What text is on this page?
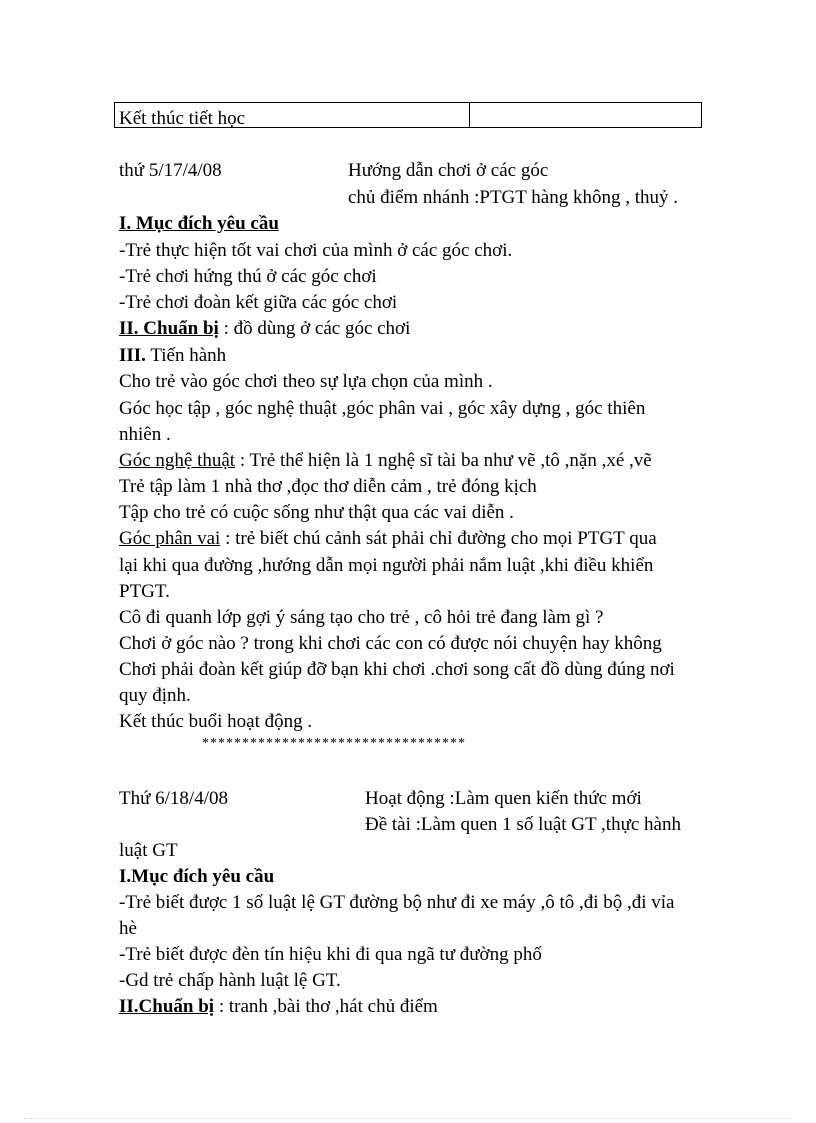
Kết thúc tiết học
thứ 5/17/4/08	Hướng dẫn chơi ở các góc
chủ điểm nhánh :PTGT hàng không , thuỷ .
I. Mục đích yêu cầu
-Trẻ thực hiện tốt vai chơi của mình ở các góc chơi.
-Trẻ chơi hứng thú ở các góc chơi
-Trẻ chơi đoàn kết giữa các góc chơi
II. Chuẩn bị : đồ dùng ở các góc chơi
III. Tiến hành
Cho trẻ vào góc chơi theo sự lựa chọn của mình .
Góc học tập , góc nghệ thuật ,góc phân vai , góc xây dựng , góc thiên
nhiên .
Góc nghệ thuật : Trẻ thể hiện là 1 nghệ sĩ tài ba như vẽ ,tô ,nặn ,xé ,vẽ
Trẻ tập làm 1 nhà thơ ,đọc thơ diễn cảm , trẻ đóng kịch
Tập cho trẻ có cuộc sống như thật qua các vai diễn .
Góc phân vai : trẻ biết chú cảnh sát phải chỉ đường cho mọi PTGT qua
lại khi qua đường ,hướng dẫn mọi người phải nắm luật ,khi điều khiển
PTGT.
Cô đi quanh lớp gợi ý sáng tạo cho trẻ , cô hỏi trẻ đang làm gì ?
Chơi ở góc nào ? trong khi chơi các con có được nói chuyện hay không
Chơi phải đoàn kết giúp đỡ bạn khi chơi .chơi song cất đồ dùng đúng nơi
quy định.
Kết thúc buổi hoạt động .
*********************************
Thứ 6/18/4/08	Hoạt động :Làm quen kiến thức mới
Đề tài :Làm quen 1 số luật GT ,thực hành
luật GT
I.Mục đích yêu cầu
-Trẻ biết được 1 số luật lệ GT đường bộ như đi xe máy ,ô tô ,đi bộ ,đi vỉa
hè
-Trẻ biết được đèn tín hiệu khi đi qua ngã tư đường phố
-Gd trẻ chấp hành luật lệ GT.
II.Chuẩn bị : tranh ,bài thơ ,hát chủ điểm
